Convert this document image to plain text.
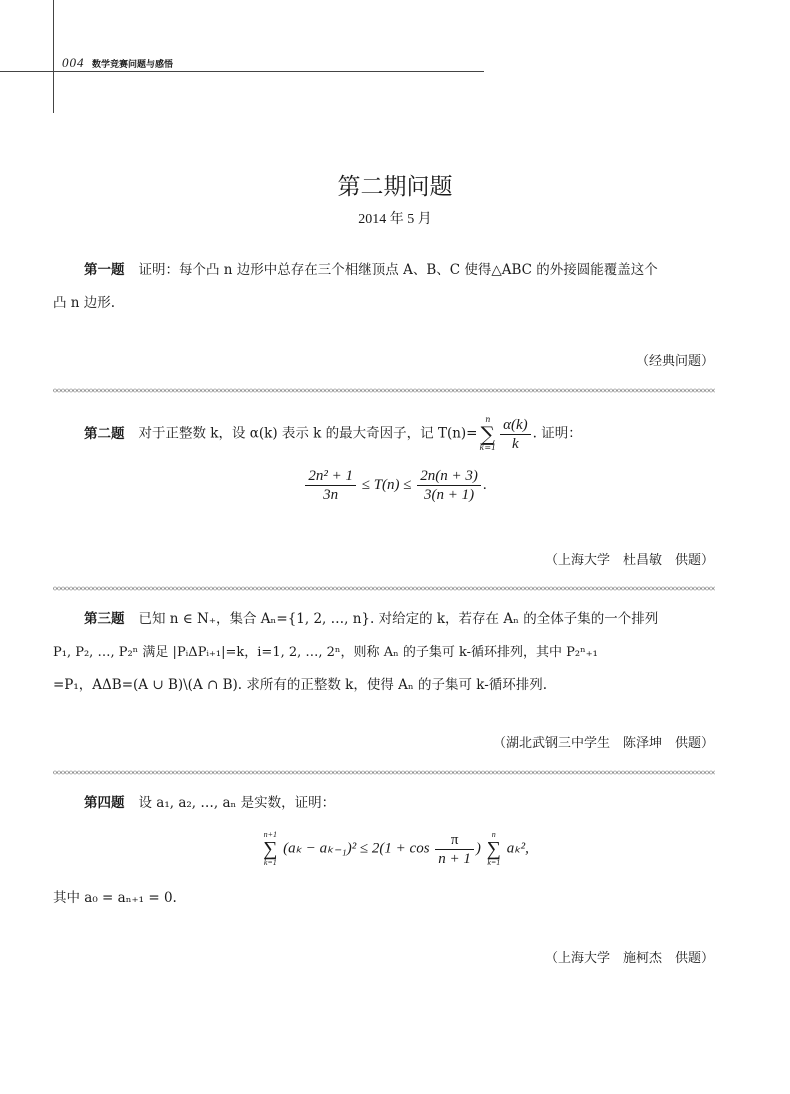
004 数学竞赛问题与感悟
第二期问题
2014 年 5 月
第一题 证明：每个凸 n 边形中总存在三个相继顶点 A、B、C 使得△ABC 的外接圆能覆盖这个
凸 n 边形.
（经典问题）
第二题 对于正整数 k，设 α(k) 表示 k 的最大奇因子，记 T(n)=
n
∑
$k=1 \frac{\alpha(k)}{k}$ . 证明：
$\frac{\text{2n² + 1}}{3n} \le T(n) \le \frac{2n(n + 3)}{3(n + 1)}$ .
（上海大学　杜昌敏　供题）
第三题 已知 n ∈ N₊，集合 Aₙ={1, 2, …, n}. 对给定的 k，若存在 Aₙ 的全体子集的一个排列
P₁, P₂, …, P₂ⁿ 满足 |PᵢΔPᵢ₊₁|=k，i=1, 2, …, 2ⁿ，则称 Aₙ 的子集可 k-循环排列，其中 P₂ⁿ₊₁
=P₁，AΔB=(A ∪ B)\(A ∩ B). 求所有的正整数 k，使得 Aₙ 的子集可 k-循环排列.
（湖北武钢三中学生　陈泽坤　供题）
第四题 设 a₁, a₂, …, aₙ 是实数，证明：
n+1
∑
k=1
$(a_k - a_{k-1})^2 \le 2(1 + \cos \frac{\pi}{n + 1}$ )
n
∑
k=1
aₖ²,
其中 a₀ = aₙ₊₁ = 0.
（上海大学　施柯杰　供题）
